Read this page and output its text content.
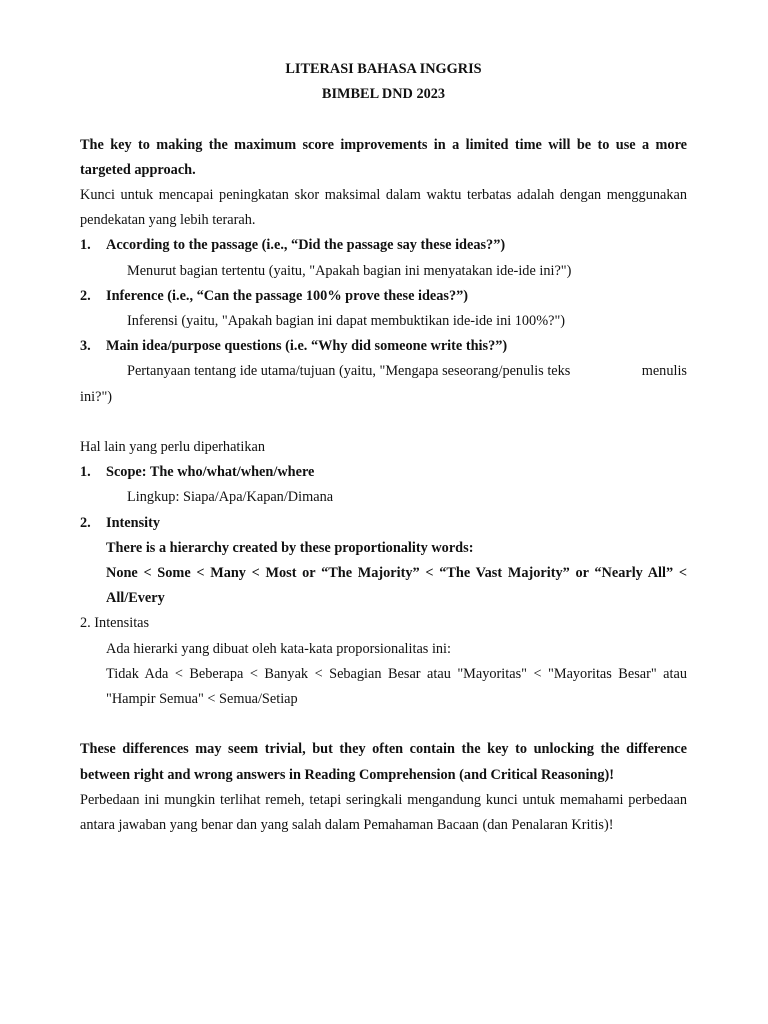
LITERASI BAHASA INGGRIS
BIMBEL DND 2023
The key to making the maximum score improvements in a limited time will be to use a more targeted approach.
Kunci untuk mencapai peningkatan skor maksimal dalam waktu terbatas adalah dengan menggunakan pendekatan yang lebih terarah.
1.	According to the passage (i.e., “Did the passage say these ideas?”)
Menurut bagian tertentu (yaitu, "Apakah bagian ini menyatakan ide-ide ini?")
2.	Inference (i.e., “Can the passage 100% prove these ideas?”)
Inferensi (yaitu, "Apakah bagian ini dapat membuktikan ide-ide ini 100%?")
3.	Main idea/purpose questions (i.e. “Why did someone write this?”)
Pertanyaan tentang ide utama/tujuan (yaitu, "Mengapa seseorang/penulis teks	menulis
ini?")
Hal lain yang perlu diperhatikan
1.	Scope: The who/what/when/where
Lingkup: Siapa/Apa/Kapan/Dimana
2.	Intensity
There is a hierarchy created by these proportionality words:
None < Some < Many < Most or “The Majority” < “The Vast Majority” or “Nearly All” < All/Every
2. Intensitas
Ada hierarki yang dibuat oleh kata-kata proporsionalitas ini:
Tidak Ada < Beberapa < Banyak < Sebagian Besar atau "Mayoritas" < "Mayoritas Besar" atau "Hampir Semua" < Semua/Setiap
These differences may seem trivial, but they often contain the key to unlocking the difference between right and wrong answers in Reading Comprehension (and Critical Reasoning)!
Perbedaan ini mungkin terlihat remeh, tetapi seringkali mengandung kunci untuk memahami perbedaan antara jawaban yang benar dan yang salah dalam Pemahaman Bacaan (dan Penalaran Kritis)!
